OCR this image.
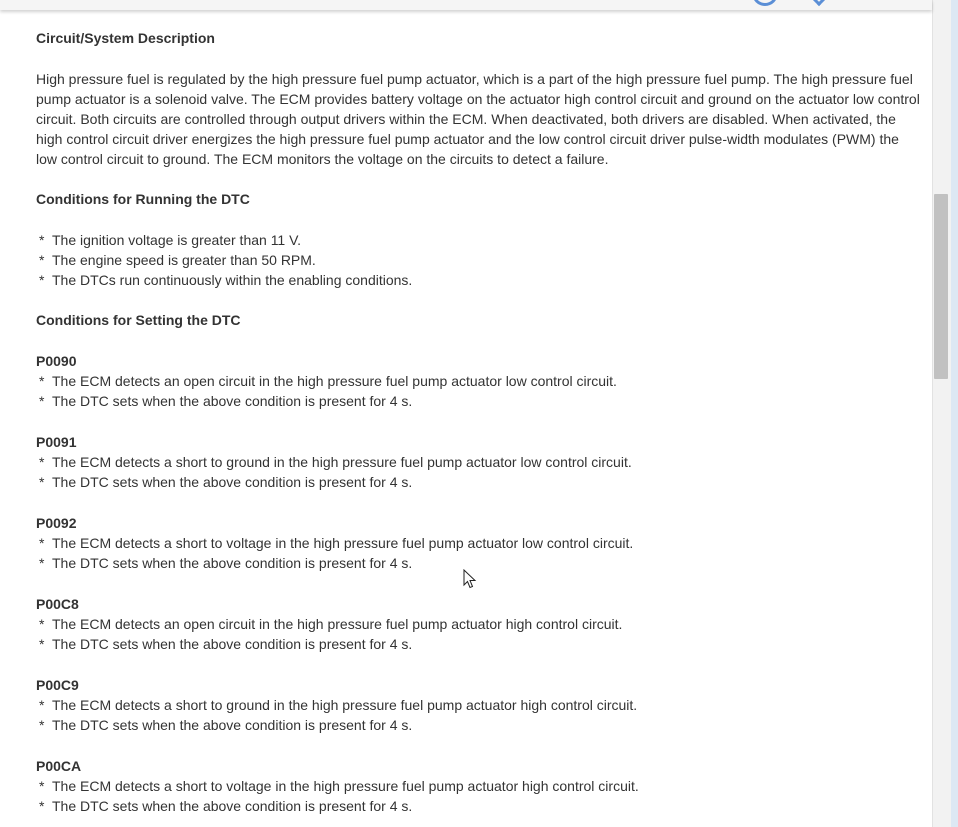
Circuit/System Description

High pressure fuel is regulated by the high pressure fuel pump actuator, which is a part of the high pressure fuel pump. The high pressure fuel pump actuator is a solenoid valve. The ECM provides battery voltage on the actuator high control circuit and ground on the actuator low control circuit. Both circuits are controlled through output drivers within the ECM. When deactivated, both drivers are disabled. When activated, the high control circuit driver energizes the high pressure fuel pump actuator and the low control circuit driver pulse-width modulates (PWM) the low control circuit to ground. The ECM monitors the voltage on the circuits to detect a failure.

Conditions for Running the DTC

* The ignition voltage is greater than 11 V.
* The engine speed is greater than 50 RPM.
* The DTCs run continuously within the enabling conditions.

Conditions for Setting the DTC

P0090

* The ECM detects an open circuit in the high pressure fuel pump actuator low control circuit.
* The DTC sets when the above condition is present for 4 s.

P0091

* The ECM detects a short to ground in the high pressure fuel pump actuator low control circuit.
* The DTC sets when the above condition is present for 4 s.

P0092

* The ECM detects a short to voltage in the high pressure fuel pump actuator low control circuit.
* The DTC sets when the above condition is present for 4 s.

P00C8

* The ECM detects an open circuit in the high pressure fuel pump actuator high control circuit.
* The DTC sets when the above condition is present for 4 s.

P00C9

* The ECM detects a short to ground in the high pressure fuel pump actuator high control circuit.
* The DTC sets when the above condition is present for 4 s.

P00CA

* The ECM detects a short to voltage in the high pressure fuel pump actuator high control circuit.
* The DTC sets when the above condition is present for 4 s.
